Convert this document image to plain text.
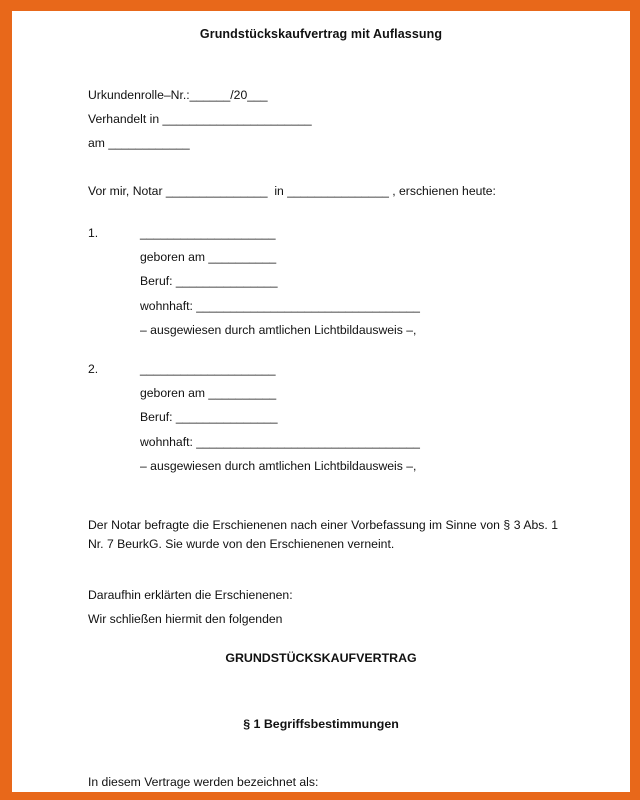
Grundstückskaufvertrag mit Auflassung
Urkundenrolle–Nr.:______/20___
Verhandelt in ______________________
am ____________
Vor mir, Notar _______________  in _______________ , erschienen heute:
1.	____________________
geboren am __________
Beruf: _______________
wohnhaft: _________________________________
– ausgewiesen durch amtlichen Lichtbildausweis –,
2.	____________________
geboren am __________
Beruf: _______________
wohnhaft: _________________________________
– ausgewiesen durch amtlichen Lichtbildausweis –,
Der Notar befragte die Erschienenen nach einer Vorbefassung im Sinne von § 3 Abs. 1 Nr. 7 BeurkG. Sie wurde von den Erschienenen verneint.
Daraufhin erklärten die Erschienenen:
Wir schließen hiermit den folgenden
GRUNDSTÜCKSKAUFVERTRAG
§ 1 Begriffsbestimmungen
In diesem Vertrage werden bezeichnet als:
